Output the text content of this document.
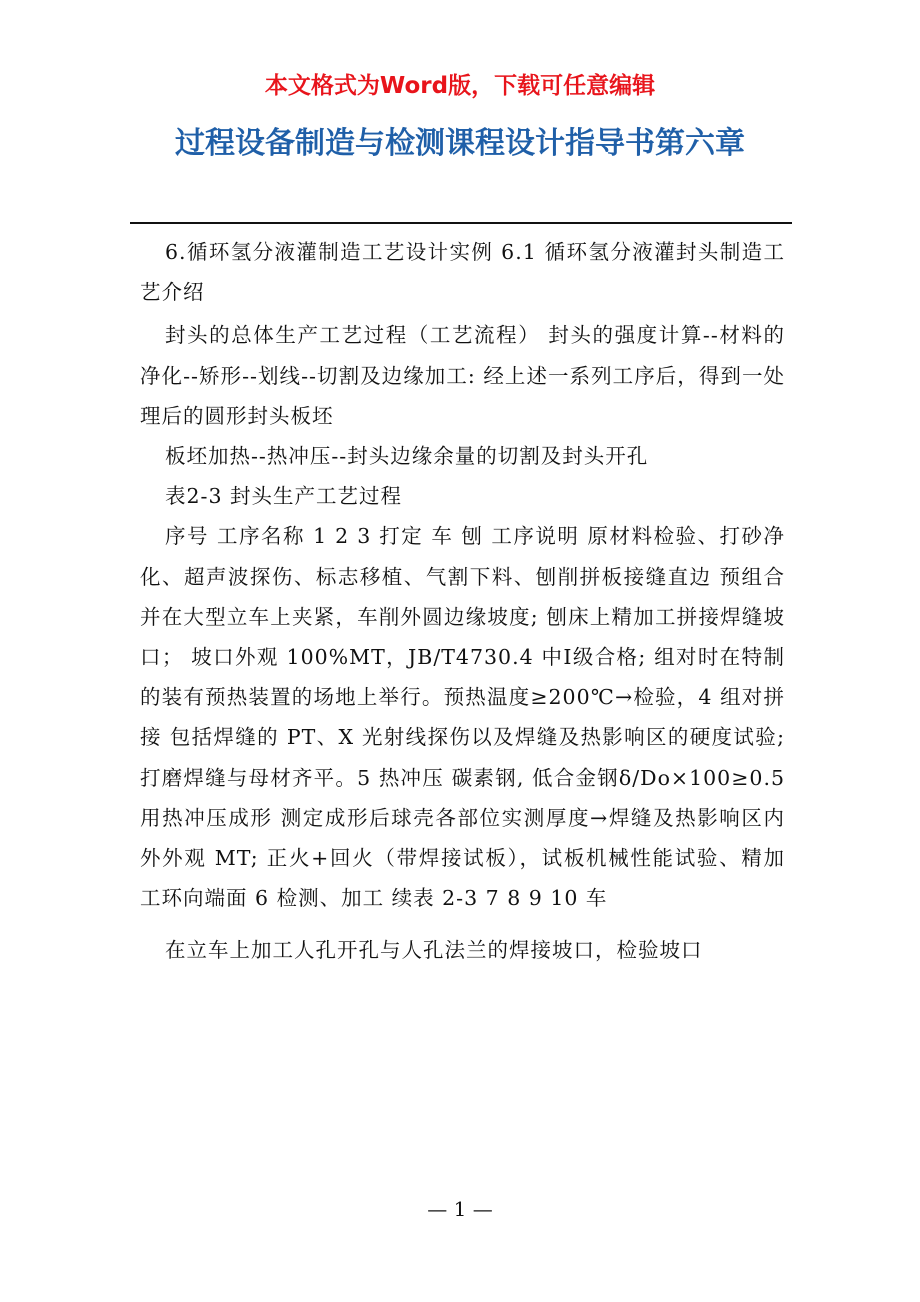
本文格式为Word版，下载可任意编辑
过程设备制造与检测课程设计指导书第六章

6.循环氢分液灌制造工艺设计实例 6.1 循环氢分液灌封头制造工艺介绍

封头的总体生产工艺过程（工艺流程） 封头的强度计算--材料的净化--矫形--划线--切割及边缘加工: 经上述一系列工序后，得到一处理后的圆形封头板坯

板坯加热--热冲压--封头边缘余量的切割及封头开孔

表2-3 封头生产工艺过程

序号 工序名称 1 2 3 打定 车 刨 工序说明 原材料检验、打砂净化、超声波探伤、标志移植、气割下料、刨削拼板接缝直边 预组合并在大型立车上夹紧，车削外圆边缘坡度; 刨床上精加工拼接焊缝坡口； 坡口外观 100%MT，JB/T4730.4 中Ⅰ级合格; 组对时在特制的装有预热装置的场地上举行。预热温度≥200℃→检验，4 组对拼接 包括焊缝的 PT、X 光射线探伤以及焊缝及热影响区的硬度试验; 打磨焊缝与母材齐平。5 热冲压 碳素钢, 低合金钢δ/Do×100≥0.5 用热冲压成形 测定成形后球壳各部位实测厚度→焊缝及热影响区内外外观 MT; 正火+回火（带焊接试板），试板机械性能试验、精加工环向端面 6 检测、加工 续表 2-3 7 8 9 10 车

在立车上加工人孔开孔与人孔法兰的焊接坡口，检验坡口

— 1 —
